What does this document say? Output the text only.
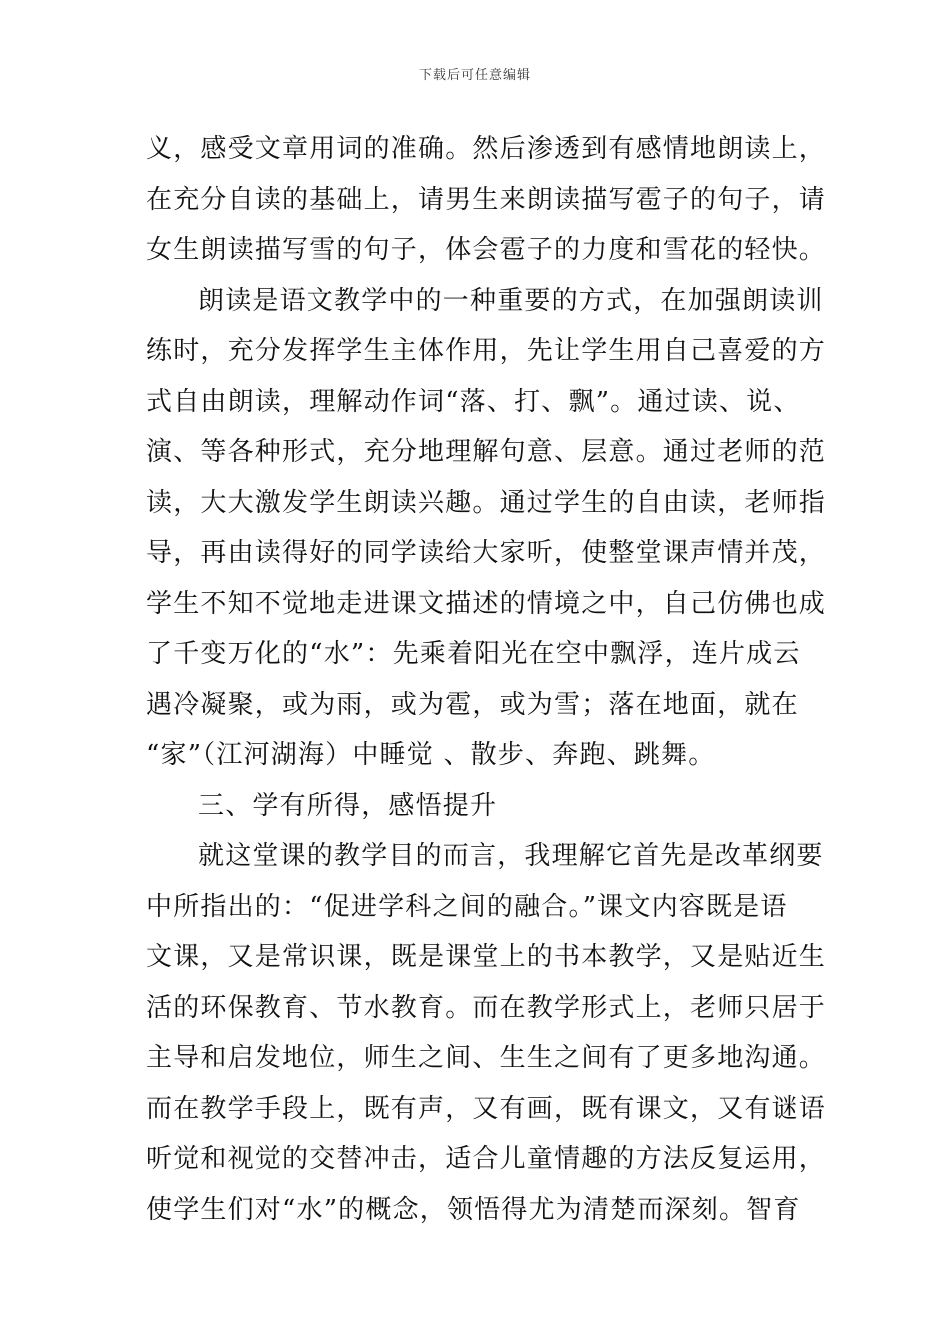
下载后可任意编辑
义，感受文章用词的准确。然后渗透到有感情地朗读上，
在充分自读的基础上，请男生来朗读描写雹子的句子，请
女生朗读描写雪的句子，体会雹子的力度和雪花的轻快。
朗读是语文教学中的一种重要的方式，在加强朗读训
练时，充分发挥学生主体作用，先让学生用自己喜爱的方
式自由朗读，理解动作词“落、打、飘”。通过读、说、
演、等各种形式，充分地理解句意、层意。通过老师的范
读，大大激发学生朗读兴趣。通过学生的自由读，老师指
导，再由读得好的同学读给大家听，使整堂课声情并茂，
学生不知不觉地走进课文描述的情境之中，自己仿佛也成
了千变万化的“水”：先乘着阳光在空中飘浮，连片成云
遇冷凝聚，或为雨，或为雹，或为雪；落在地面，就在
“家”（江河湖海）中睡觉 、散步、奔跑、跳舞。
三、学有所得，感悟提升
就这堂课的教学目的而言，我理解它首先是改革纲要
中所指出的：“促进学科之间的融合。”课文内容既是语
文课，又是常识课，既是课堂上的书本教学，又是贴近生
活的环保教育、节水教育。而在教学形式上，老师只居于
主导和启发地位，师生之间、生生之间有了更多地沟通。
而在教学手段上，既有声，又有画，既有课文，又有谜语
听觉和视觉的交替冲击，适合儿童情趣的方法反复运用，
使学生们对“水”的概念，领悟得尤为清楚而深刻。智育
